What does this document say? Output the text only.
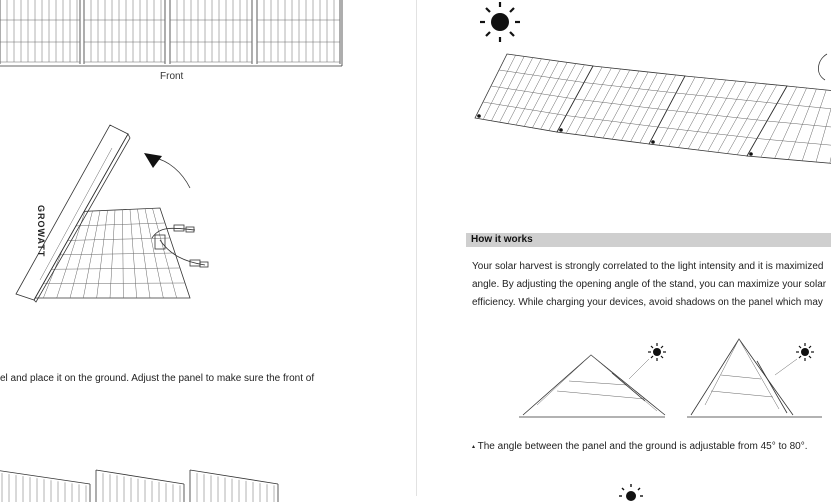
Front
GROWATT
el and place it on the ground. Adjust the panel to make sure the front of
How it works
Your solar harvest is strongly correlated to the light intensity and it is maximized
angle. By adjusting the opening angle of the stand, you can maximize your solar
efficiency. While charging your devices, avoid shadows on the panel which may
▴ The angle between the panel and the ground is adjustable from 45° to 80°.
